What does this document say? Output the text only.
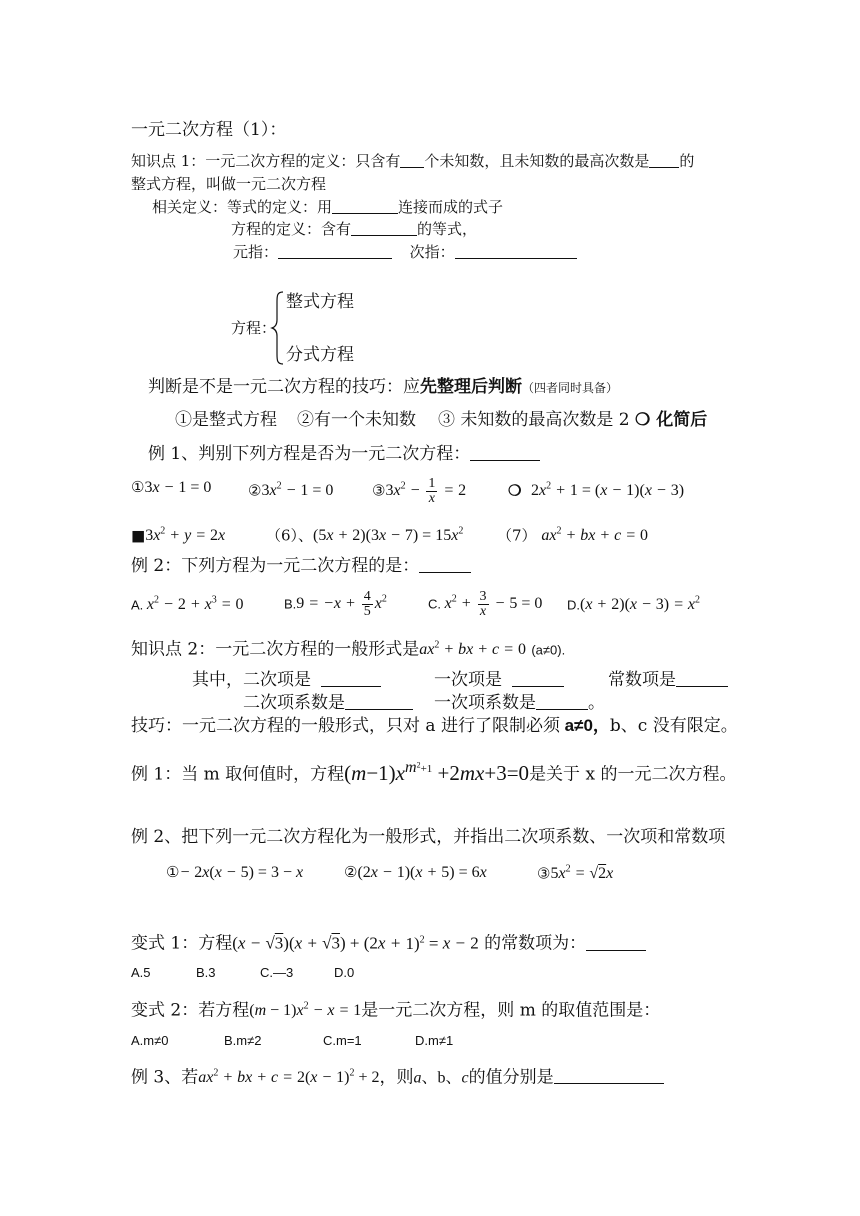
一元二次方程（1）：
知识点 1：一元二次方程的定义：只含有 个未知数，且未知数的最高次数是 的
整式方程，叫做一元二次方程
相关定义：等式的定义：用	连接而成的式子
方程的定义：含有	的等式，
元指：	次指：
方程：
整式方程
分式方程
判断是不是一元二次方程的技巧：应先整理后判断（四者同时具备）
①是整式方程 ②有一个未知数 ③ 未知数的最高次数是 2 ❍ 化简后
例 1、判别下列方程是否为一元二次方程：
①3x − 1 = 0 $②3x^2 - 1 = 0$	$③3x^2 - \frac{1}{x} = 2$	❍ $2x^2 + 1 = (x - 1)(x - 3)$
$■3x^2 + y = 2x$	（6）、$(5x + 2)(3x - 7) = 15x^2$ （7） $ax^2$ + bx + c = 0
例 2：下列方程为一元二次方程的是：
A. $x^2 - 2 + x^3 = 0$	$B.9 = -x + \frac{4}{5} x^2$	C. $x^2 + \frac{3}{x} - 5 = 0$ $D.(x + 2)(x - 3) = x^2$
知识点 2：一元二次方程的一般形式是$ax^2$ + bx + c = 0 (a≠0).
其中，二次项是	一次项是	常数项是
二次项系数是	一次项系数是	。
技巧：一元二次方程的一般形式，只对 a 进行了限制必须 a≠0，b、c 没有限定。
例 1：当 m 取何值时，方程$(m-1)x^{m^2+1} +2mx+3=0$是关于 x 的一元二次方程。
例 2、把下列一元二次方程化为一般形式，并指出二次项系数、一次项和常数项
①− 2x(x − 5) = 3 − x	②(2x − 1)(x + 5) = 6x	$③5x^2 = √2x$
变式 1：方程$(x - √3)(x + √3) + (2x + 1)^2 = x - 2$ 的常数项为：
A.5	B.3	C.—3	D.0
变式 2：若方程$(m - 1)x^2 - x = 1$是一元二次方程，则 m 的取值范围是：
A.m≠0	B.m≠2	C.m=1	D.m≠1
例 3、若$ax^2$ + bx + $c = 2(x - 1)^2 + 2$，则a、b、c的值分别是
